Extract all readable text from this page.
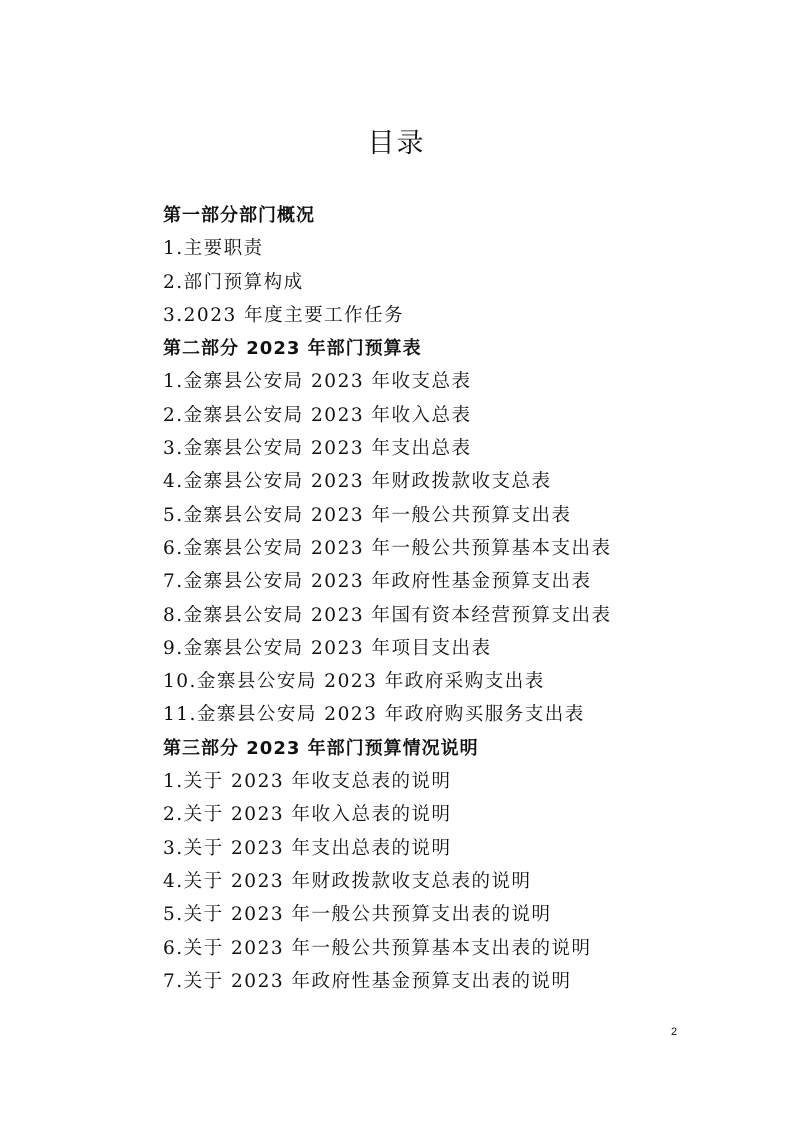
目录
第一部分部门概况
1.主要职责
2.部门预算构成
3.2023 年度主要工作任务
第二部分 2023 年部门预算表
1.金寨县公安局 2023 年收支总表
2.金寨县公安局 2023 年收入总表
3.金寨县公安局 2023 年支出总表
4.金寨县公安局 2023 年财政拨款收支总表
5.金寨县公安局 2023 年一般公共预算支出表
6.金寨县公安局 2023 年一般公共预算基本支出表
7.金寨县公安局 2023 年政府性基金预算支出表
8.金寨县公安局 2023 年国有资本经营预算支出表
9.金寨县公安局 2023 年项目支出表
10.金寨县公安局 2023 年政府采购支出表
11.金寨县公安局 2023 年政府购买服务支出表
第三部分 2023 年部门预算情况说明
1.关于 2023 年收支总表的说明
2.关于 2023 年收入总表的说明
3.关于 2023 年支出总表的说明
4.关于 2023 年财政拨款收支总表的说明
5.关于 2023 年一般公共预算支出表的说明
6.关于 2023 年一般公共预算基本支出表的说明
7.关于 2023 年政府性基金预算支出表的说明
2
